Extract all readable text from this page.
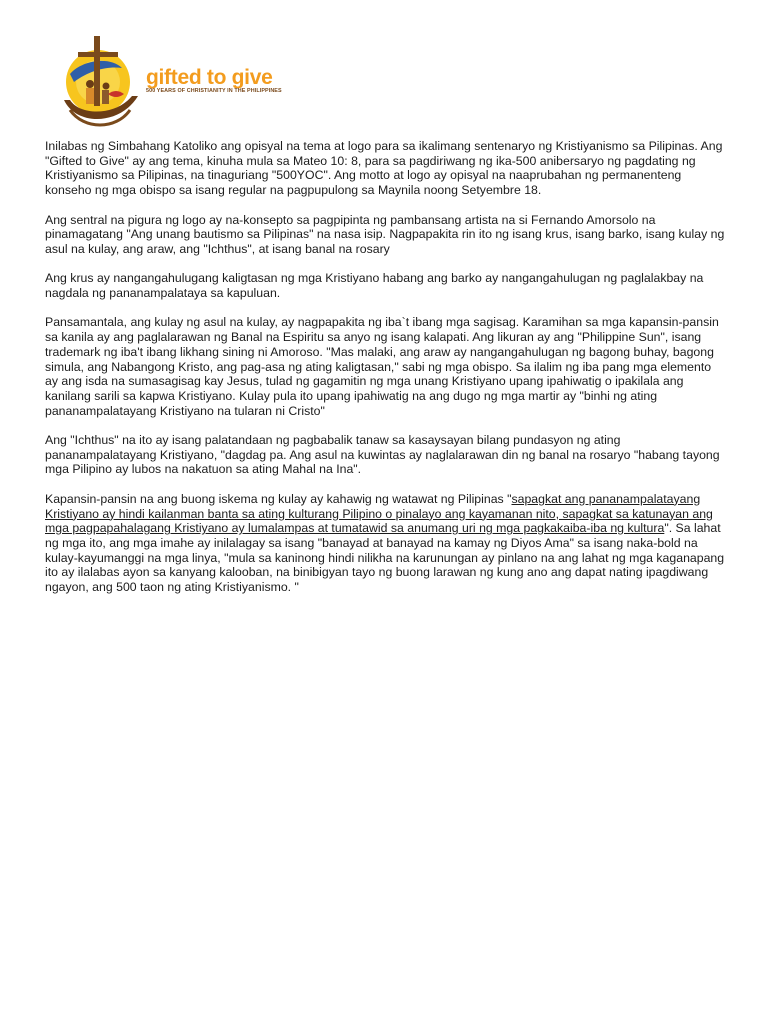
gifted to give
500 YEARS OF CHRISTIANITY IN THE PHILIPPINES

Inilabas ng Simbahang Katoliko ang opisyal na tema at logo para sa ikalimang sentenaryo ng Kristiyanismo sa Pilipinas. Ang "Gifted to Give" ay ang tema, kinuha mula sa Mateo 10: 8, para sa pagdiriwang ng ika-500 anibersaryo ng pagdating ng Kristiyanismo sa Pilipinas, na tinaguriang "500YOC". Ang motto at logo ay opisyal na naaprubahan ng permanenteng konseho ng mga obispo sa isang regular na pagpupulong sa Maynila noong Setyembre 18.

Ang sentral na pigura ng logo ay na-konsepto sa pagpipinta ng pambansang artista na si Fernando Amorsolo na pinamagatang "Ang unang bautismo sa Pilipinas" na nasa isip. Nagpapakita rin ito ng isang krus, isang barko, isang kulay ng asul na kulay, ang araw, ang "Ichthus", at isang banal na rosary

Ang krus ay nangangahulugang kaligtasan ng mga Kristiyano habang ang barko ay nangangahulugan ng paglalakbay na nagdala ng pananampalataya sa kapuluan.

Pansamantala, ang kulay ng asul na kulay, ay nagpapakita ng iba`t ibang mga sagisag. Karamihan sa mga kapansin-pansin sa kanila ay ang paglalarawan ng Banal na Espiritu sa anyo ng isang kalapati. Ang likuran ay ang "Philippine Sun", isang trademark ng iba't ibang likhang sining ni Amoroso. "Mas malaki, ang araw ay nangangahulugan ng bagong buhay, bagong simula, ang Nabangong Kristo, ang pag-asa ng ating kaligtasan," sabi ng mga obispo. Sa ilalim ng iba pang mga elemento ay ang isda na sumasagisag kay Jesus, tulad ng gagamitin ng mga unang Kristiyano upang ipahiwatig o ipakilala ang kanilang sarili sa kapwa Kristiyano. Kulay pula ito upang ipahiwatig na ang dugo ng mga martir ay "binhi ng ating pananampalatayang Kristiyano na tularan ni Cristo"

Ang "Ichthus" na ito ay isang palatandaan ng pagbabalik tanaw sa kasaysayan bilang pundasyon ng ating pananampalatayang Kristiyano, "dagdag pa. Ang asul na kuwintas ay naglalarawan din ng banal na rosaryo "habang tayong mga Pilipino ay lubos na nakatuon sa ating Mahal na Ina".

Kapansin-pansin na ang buong iskema ng kulay ay kahawig ng watawat ng Pilipinas "sapagkat ang pananampalatayang Kristiyano ay hindi kailanman banta sa ating kulturang Pilipino o pinalayo ang kayamanan nito, sapagkat sa katunayan ang mga pagpapahalagang Kristiyano ay lumalampas at tumatawid sa anumang uri ng mga pagkakaiba-iba ng kultura". Sa lahat ng mga ito, ang mga imahe ay inilalagay sa isang "banayad at banayad na kamay ng Diyos Ama" sa isang naka-bold na kulay-kayumanggi na mga linya, "mula sa kaninong hindi nilikha na karunungan ay pinlano na ang lahat ng mga kaganapang ito ay ilalabas ayon sa kanyang kalooban, na binibigyan tayo ng buong larawan ng kung ano ang dapat nating ipagdiwang ngayon, ang 500 taon ng ating Kristiyanismo. "
